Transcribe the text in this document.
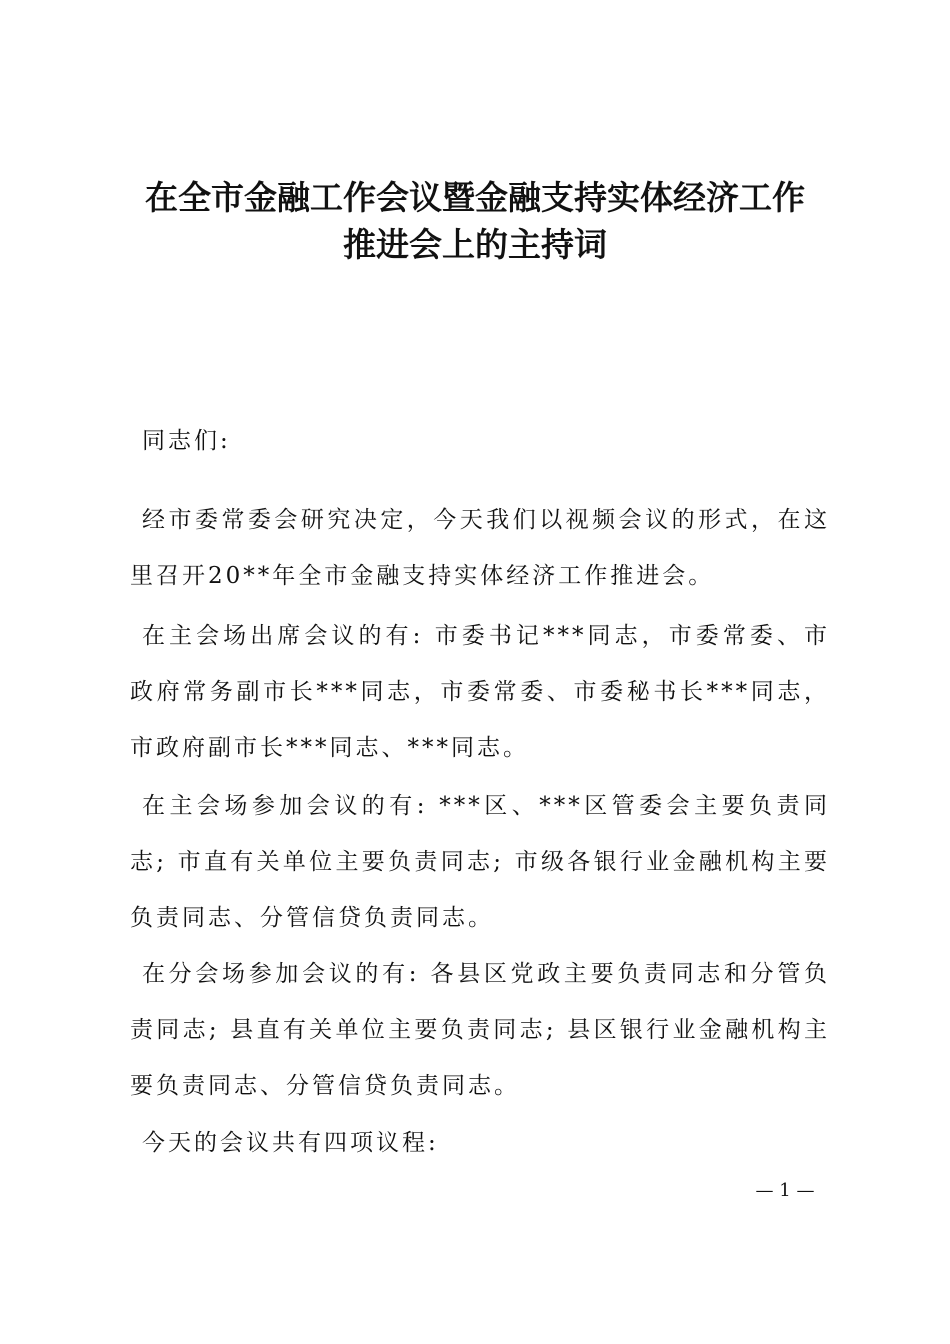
在全市金融工作会议暨金融支持实体经济工作
推进会上的主持词
同志们:
经市委常委会研究决定，今天我们以视频会议的形式，在这里召开20**年全市金融支持实体经济工作推进会。
在主会场出席会议的有: 市委书记***同志，市委常委、市政府常务副市长***同志，市委常委、市委秘书长***同志，市政府副市长***同志、***同志。
在主会场参加会议的有: ***区、***区管委会主要负责同志; 市直有关单位主要负责同志; 市级各银行业金融机构主要负责同志、分管信贷负责同志。
在分会场参加会议的有: 各县区党政主要负责同志和分管负责同志; 县直有关单位主要负责同志; 县区银行业金融机构主要负责同志、分管信贷负责同志。
今天的会议共有四项议程:
— 1 —
